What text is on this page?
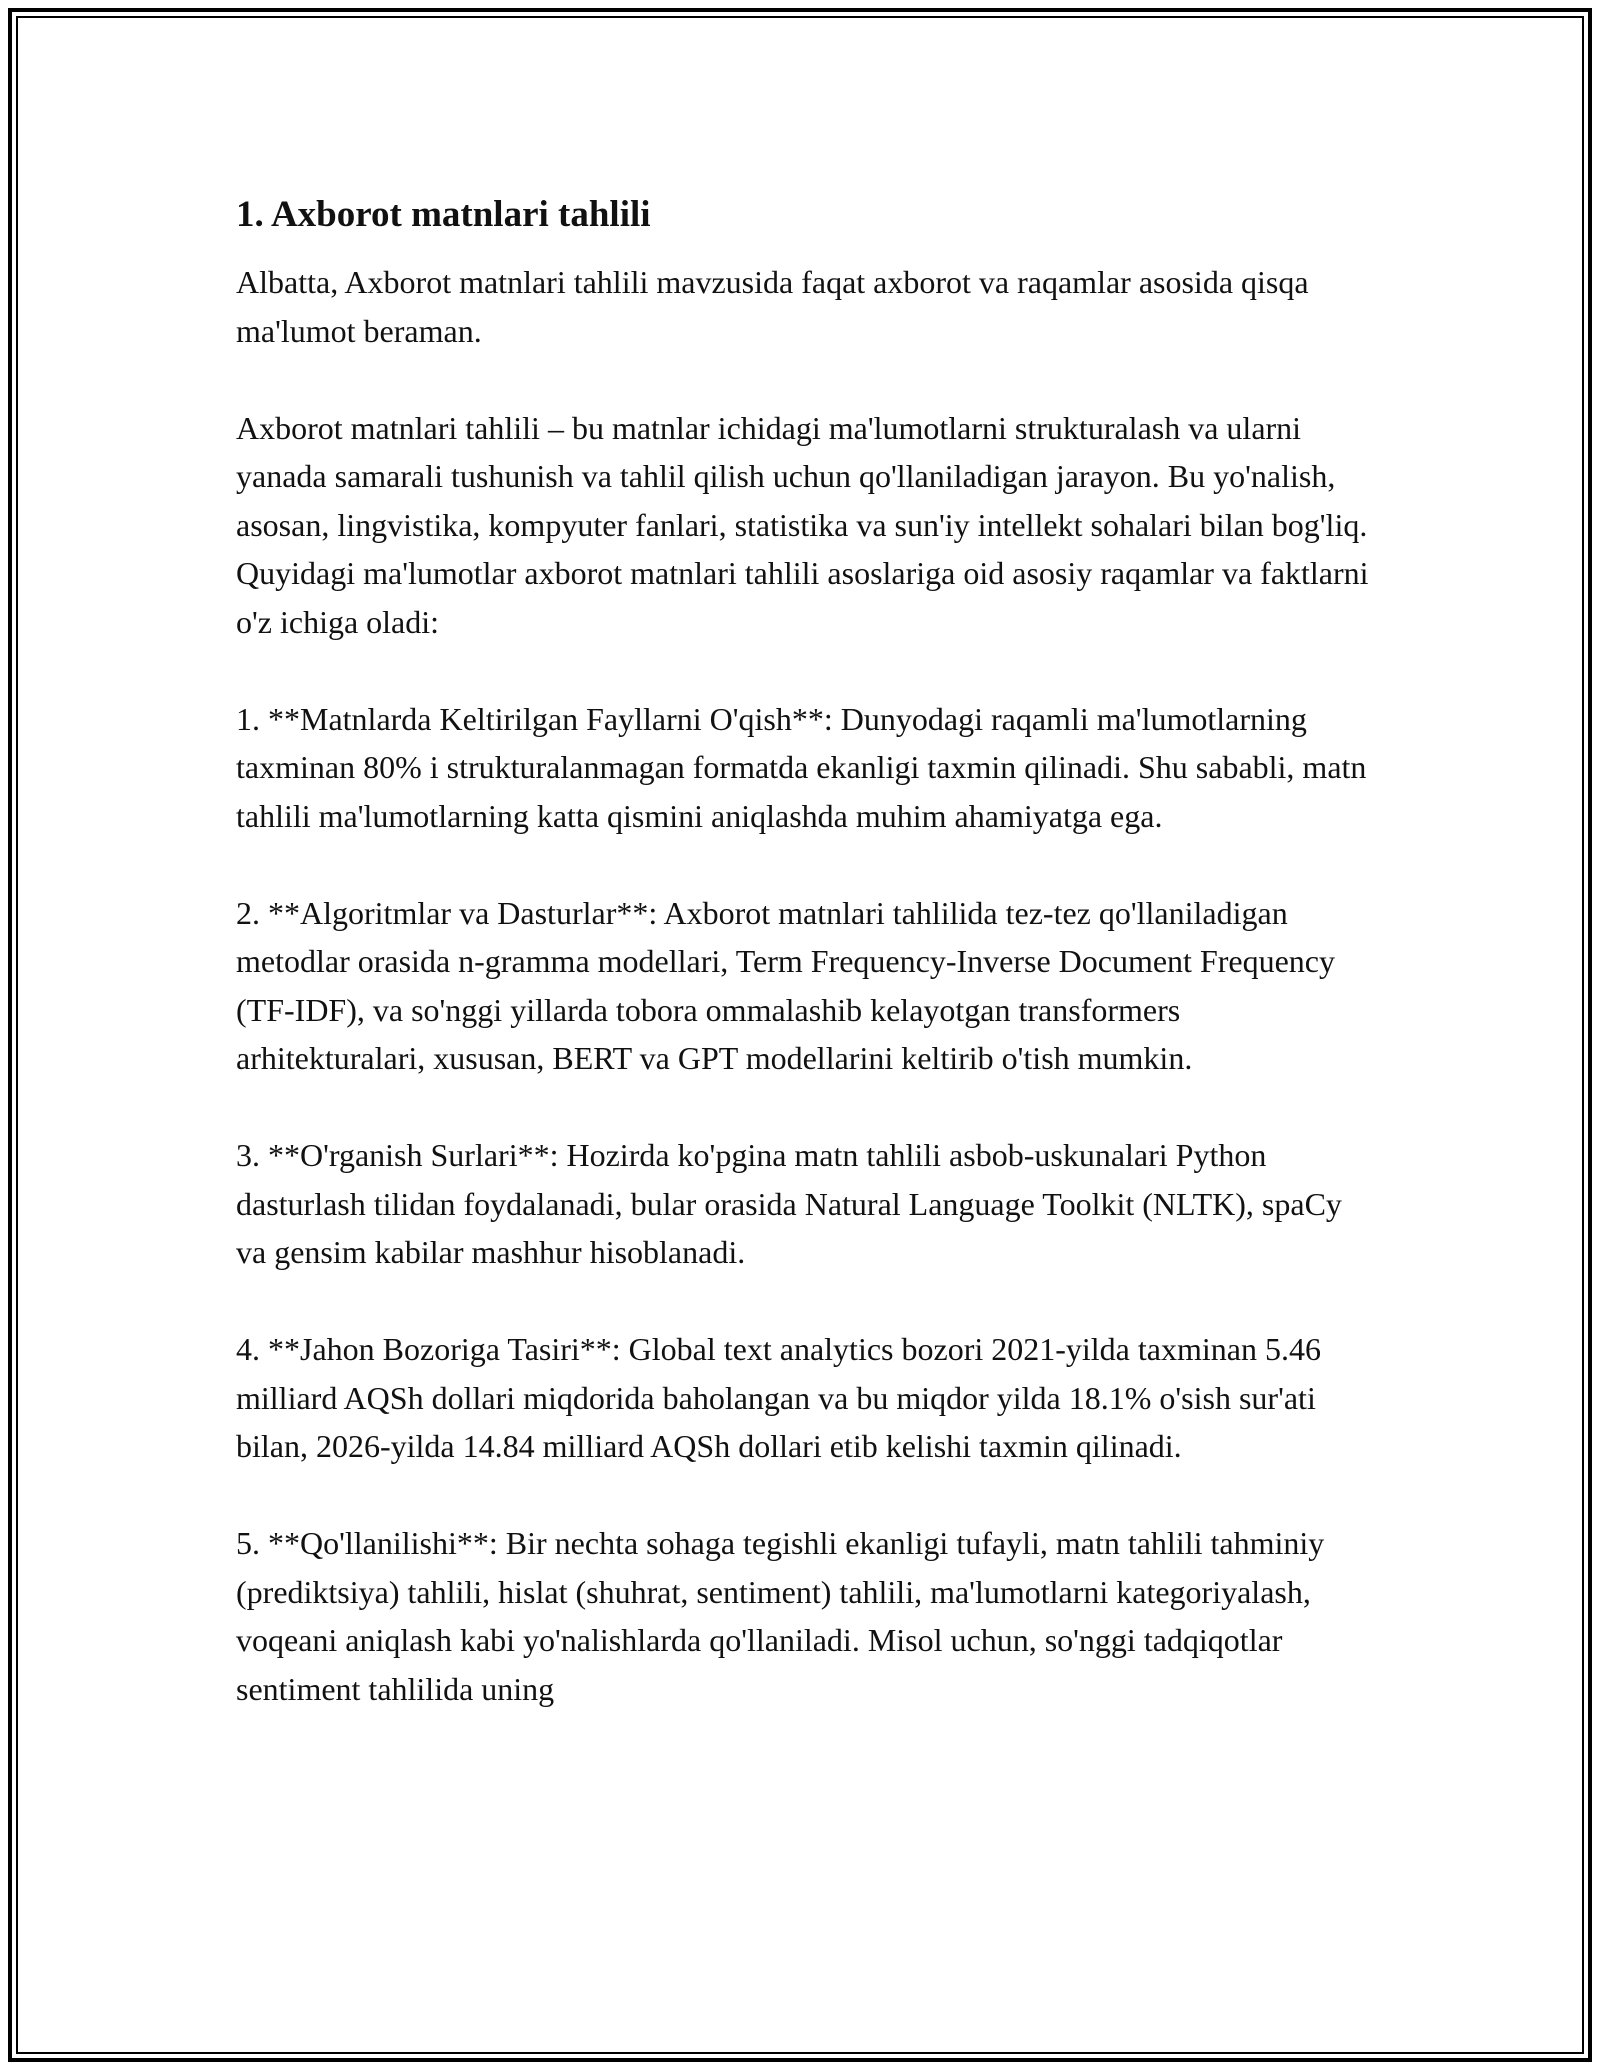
1. Axborot matnlari tahlili

Albatta, Axborot matnlari tahlili mavzusida faqat axborot va raqamlar asosida qisqa ma'lumot beraman.

Axborot matnlari tahlili – bu matnlar ichidagi ma'lumotlarni strukturalash va ularni yanada samarali tushunish va tahlil qilish uchun qo'llaniladigan jarayon. Bu yo'nalish, asosan, lingvistika, kompyuter fanlari, statistika va sun'iy intellekt sohalari bilan bog'liq. Quyidagi ma'lumotlar axborot matnlari tahlili asoslariga oid asosiy raqamlar va faktlarni o'z ichiga oladi:

1. **Matnlarda Keltirilgan Fayllarni O'qish**: Dunyodagi raqamli ma'lumotlarning taxminan 80% i strukturalanmagan formatda ekanligi taxmin qilinadi. Shu sababli, matn tahlili ma'lumotlarning katta qismini aniqlashda muhim ahamiyatga ega.

2. **Algoritmlar va Dasturlar**: Axborot matnlari tahlilida tez-tez qo'llaniladigan metodlar orasida n-gramma modellari, Term Frequency-Inverse Document Frequency (TF-IDF), va so'nggi yillarda tobora ommalashib kelayotgan transformers arhitekturalari, xususan, BERT va GPT modellarini keltirib o'tish mumkin.

3. **O'rganish Surlari**: Hozirda ko'pgina matn tahlili asbob-uskunalari Python dasturlash tilidan foydalanadi, bular orasida Natural Language Toolkit (NLTK), spaCy va gensim kabilar mashhur hisoblanadi.

4. **Jahon Bozoriga Tasiri**: Global text analytics bozori 2021-yilda taxminan 5.46 milliard AQSh dollari miqdorida baholangan va bu miqdor yilda 18.1% o'sish sur'ati bilan, 2026-yilda 14.84 milliard AQSh dollari etib kelishi taxmin qilinadi.

5. **Qo'llanilishi**: Bir nechta sohaga tegishli ekanligi tufayli, matn tahlili tahminiy (prediktsiya) tahlili, hislat (shuhrat, sentiment) tahlili, ma'lumotlarni kategoriyalash, voqeani aniqlash kabi yo'nalishlarda qo'llaniladi. Misol uchun, so'nggi tadqiqotlar sentiment tahlilida uning
